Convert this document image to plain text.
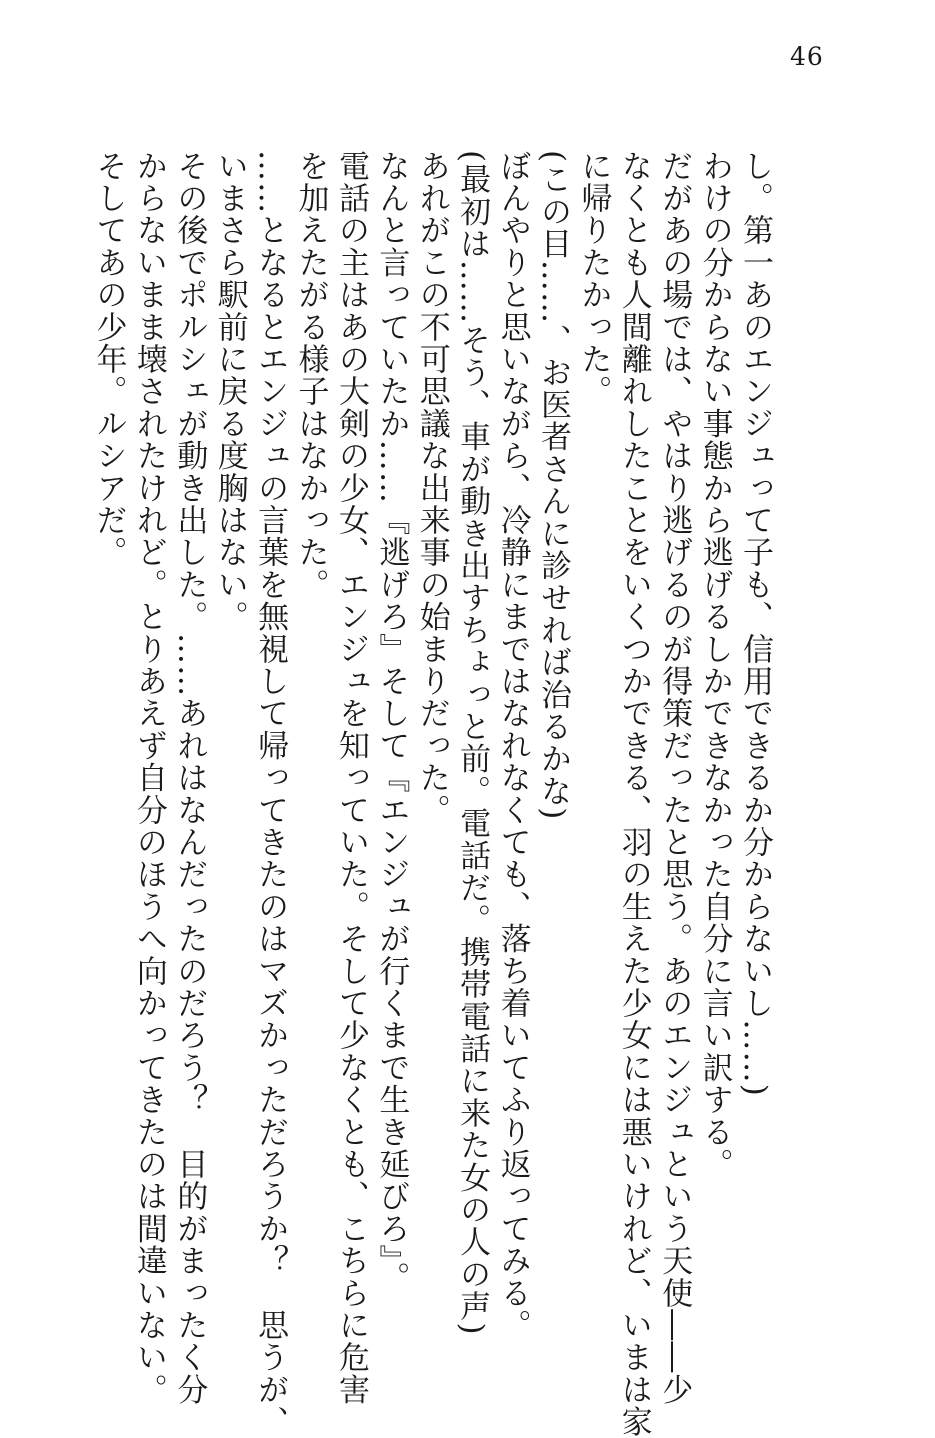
46
し。第一あのエンジュって子も、信用できるか分からないし……)
わけの分からない事態から逃げるしかできなかった自分に言い訳する。
だがあの場では、やはり逃げるのが得策だったと思う。あのエンジュという天使――少
なくとも人間離れしたことをいくつかできる、羽の生えた少女には悪いけれど、いまは家
に帰りたかった。
(この目……、お医者さんに診せれば治るかな)
ぼんやりと思いながら、冷静にまではなれなくても、落ち着いてふり返ってみる。
(最初は……そう、車が動き出すちょっと前。電話だ。携帯電話に来た女の人の声)
あれがこの不可思議な出来事の始まりだった。
なんと言っていたか……『逃げろ』そして『エンジュが行くまで生き延びろ』。
電話の主はあの大剣の少女、エンジュを知っていた。そして少なくとも、こちらに危害
を加えたがる様子はなかった。
……となるとエンジュの言葉を無視して帰ってきたのはマズかっただろうか？　思うが、
いまさら駅前に戻る度胸はない。
その後でポルシェが動き出した。……あれはなんだったのだろう？　目的がまったく分
からないまま壊されたけれど。とりあえず自分のほうへ向かってきたのは間違いない。
そしてあの少年。ルシアだ。
